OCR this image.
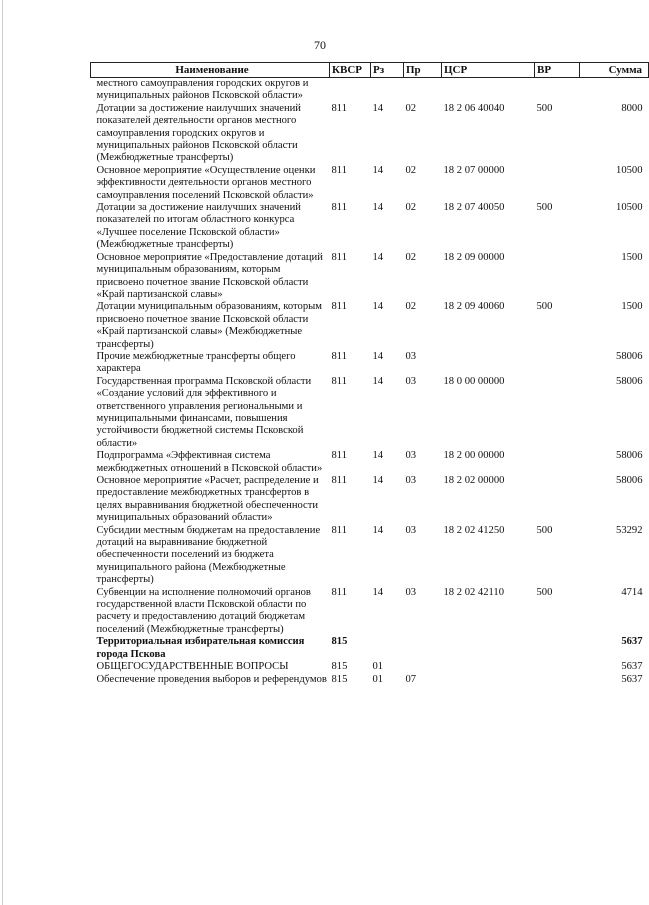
70
Наименование	КВСР	Рз	Пр	ЦСР	ВР	Сумма
местного самоуправления городских округов и муниципальных районов Псковской области»						
Дотации за достижение наилучших значений показателей деятельности органов местного самоуправления городских округов и муниципальных районов Псковской области (Межбюджетные трансферты)	811	14	02	18 2 06 40040	500	8000
Основное мероприятие «Осуществление оценки эффективности деятельности органов местного самоуправления поселений Псковской области»	811	14	02	18 2 07 00000		10500
Дотации за достижение наилучших значений показателей по итогам областного конкурса «Лучшее поселение Псковской области» (Межбюджетные трансферты)	811	14	02	18 2 07 40050	500	10500
Основное мероприятие «Предоставление дотаций муниципальным образованиям, которым присвоено почетное звание Псковской области «Край партизанской славы»	811	14	02	18 2 09 00000		1500
Дотации муниципальным образованиям, которым присвоено почетное звание Псковской области «Край партизанской славы» (Межбюджетные трансферты)	811	14	02	18 2 09 40060	500	1500
Прочие межбюджетные трансферты общего характера	811	14	03			58006
Государственная программа Псковской области «Создание условий для эффективного и ответственного управления региональными и муниципальными финансами, повышения устойчивости бюджетной системы Псковской области»	811	14	03	18 0 00 00000		58006
Подпрограмма «Эффективная система межбюджетных отношений в Псковской области»	811	14	03	18 2 00 00000		58006
Основное мероприятие «Расчет, распределение и предоставление межбюджетных трансфертов в целях выравнивания бюджетной обеспеченности муниципальных образований области»	811	14	03	18 2 02 00000		58006
Субсидии местным бюджетам на предоставление дотаций на выравнивание бюджетной обеспеченности поселений из бюджета муниципального района (Межбюджетные трансферты)	811	14	03	18 2 02 41250	500	53292
Субвенции на исполнение полномочий органов государственной власти Псковской области по расчету и предоставлению дотаций бюджетам поселений (Межбюджетные трансферты)	811	14	03	18 2 02 42110	500	4714
Территориальная избирательная комиссия города Пскова	815					5637
ОБЩЕГОСУДАРСТВЕННЫЕ ВОПРОСЫ	815	01				5637
Обеспечение проведения выборов и референдумов	815	01	07			5637
